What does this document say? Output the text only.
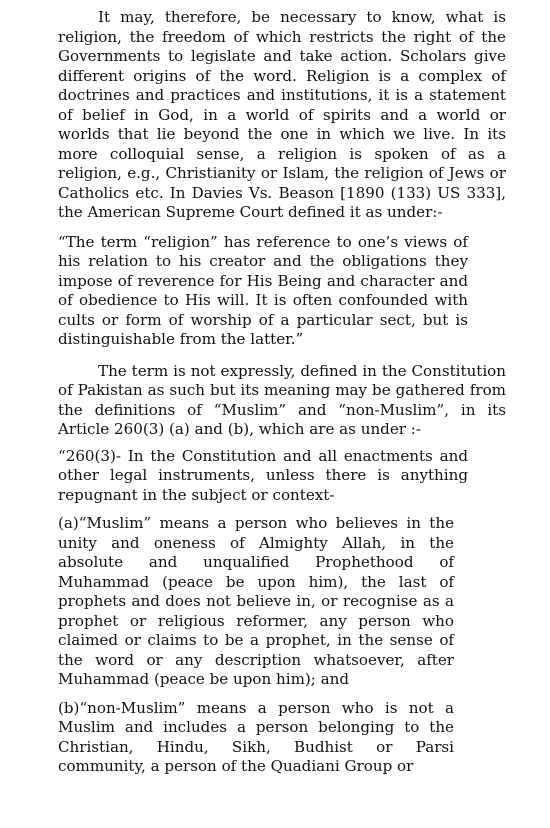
It may, therefore, be necessary to know, what is religion, the freedom of which restricts the right of the Governments to legislate and take action. Scholars give different origins of the word. Religion is a complex of doctrines and practices and institutions, it is a statement of belief in God, in a world of spirits and a world or worlds that lie beyond the one in which we live. In its more colloquial sense, a religion is spoken of as a religion, e.g., Christianity or Islam, the religion of Jews or Catholics etc. In Davies Vs. Beason [1890 (133) US 333], the American Supreme Court defined it as under:-

“The term “religion” has reference to one’s views of his relation to his creator and the obligations they impose of reverence for His Being and character and of obedience to His will. It is often confounded with cults or form of worship of a particular sect, but is distinguishable from the latter.”

The term is not expressly, defined in the Constitution of Pakistan as such but its meaning may be gathered from the definitions of “Muslim” and “non-Muslim”, in its Article 260(3) (a) and (b), which are as under :-

“260(3)- In the Constitution and all enactments and other legal instruments, unless there is anything repugnant in the subject or context-

(a)“Muslim” means a person who believes in the unity and oneness of Almighty Allah, in the absolute and unqualified Prophethood of Muhammad (peace be upon him), the last of prophets and does not believe in, or recognise as a prophet or religious reformer, any person who claimed or claims to be a prophet, in the sense of the word or any description whatsoever, after Muhammad (peace be upon him); and

(b)“non-Muslim” means a person who is not a Muslim and includes a person belonging to the Christian, Hindu, Sikh, Budhist or Parsi community, a person of the Quadiani Group or
